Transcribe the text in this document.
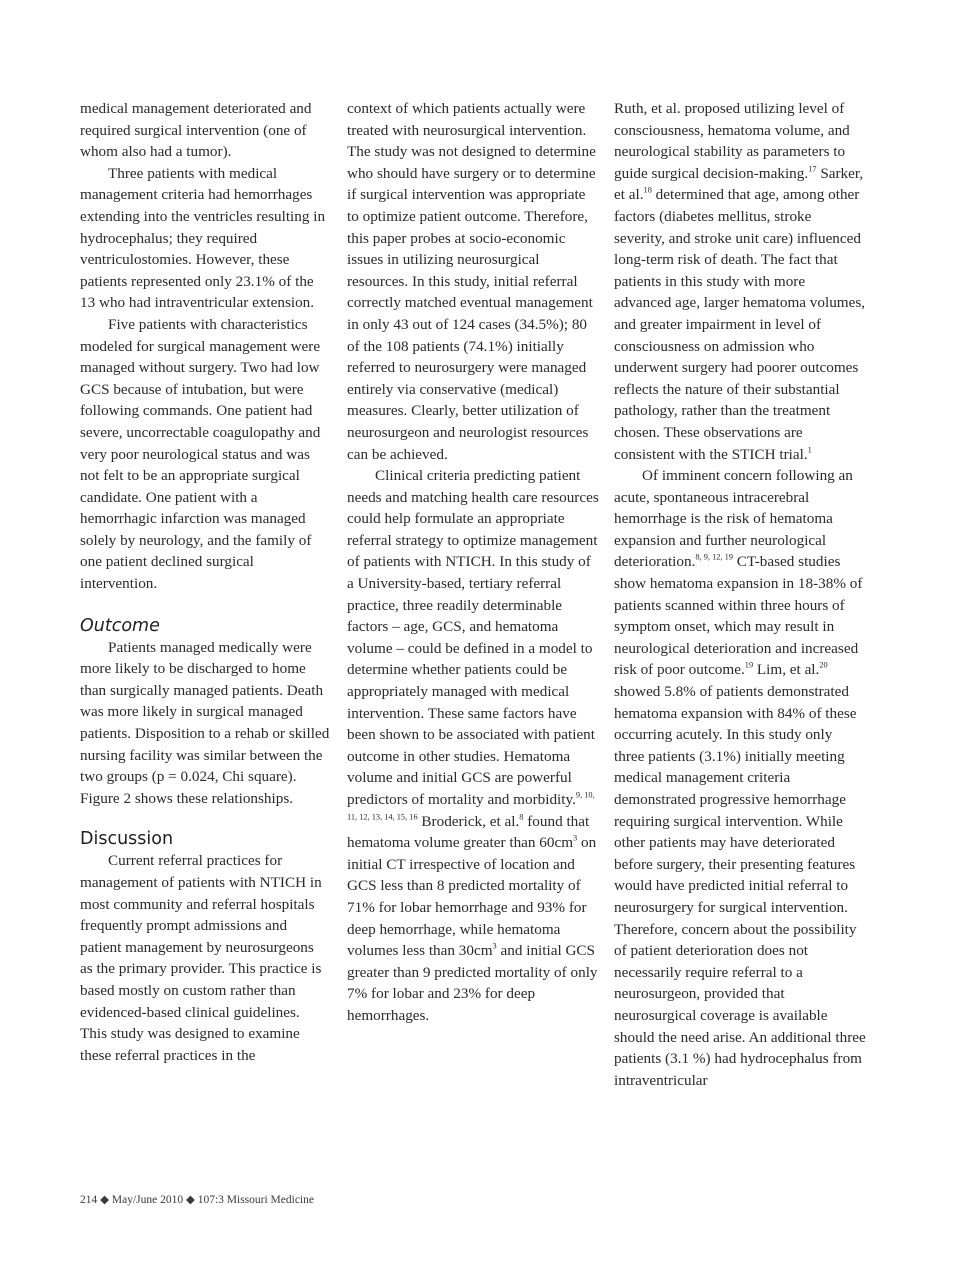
medical management deteriorated and required surgical intervention (one of whom also had a tumor).

Three patients with medical management criteria had hemorrhages extending into the ventricles resulting in hydrocephalus; they required ventriculostomies. However, these patients represented only 23.1% of the 13 who had intraventricular extension.

Five patients with characteristics modeled for surgical management were managed without surgery. Two had low GCS because of intubation, but were following commands. One patient had severe, uncorrectable coagulopathy and very poor neurological status and was not felt to be an appropriate surgical candidate. One patient with a hemorrhagic infarction was managed solely by neurology, and the family of one patient declined surgical intervention.

Outcome

Patients managed medically were more likely to be discharged to home than surgically managed patients. Death was more likely in surgical managed patients. Disposition to a rehab or skilled nursing facility was similar between the two groups (p = 0.024, Chi square). Figure 2 shows these relationships.

Discussion

Current referral practices for management of patients with NTICH in most community and referral hospitals frequently prompt admissions and patient management by neurosurgeons as the primary provider. This practice is based mostly on custom rather than evidenced-based clinical guidelines. This study was designed to examine these referral practices in the

context of which patients actually were treated with neurosurgical intervention. The study was not designed to determine who should have surgery or to determine if surgical intervention was appropriate to optimize patient outcome. Therefore, this paper probes at socio-economic issues in utilizing neurosurgical resources. In this study, initial referral correctly matched eventual management in only 43 out of 124 cases (34.5%); 80 of the 108 patients (74.1%) initially referred to neurosurgery were managed entirely via conservative (medical) measures. Clearly, better utilization of neurosurgeon and neurologist resources can be achieved.

Clinical criteria predicting patient needs and matching health care resources could help formulate an appropriate referral strategy to optimize management of patients with NTICH. In this study of a University-based, tertiary referral practice, three readily determinable factors – age, GCS, and hematoma volume – could be defined in a model to determine whether patients could be appropriately managed with medical intervention. These same factors have been shown to be associated with patient outcome in other studies. Hematoma volume and initial GCS are powerful predictors of mortality and morbidity.$^{9, 10, 11, 12, 13, 14, 15, 16}$ Broderick, et al.$^8$ found that hematoma volume greater than $60cm^3$ on initial CT irrespective of location and GCS less than 8 predicted mortality of 71% for lobar hemorrhage and 93% for deep hemorrhage, while hematoma volumes less than $30cm^3$ and initial GCS greater than 9 predicted mortality of only 7% for lobar and 23% for deep hemorrhages.

Ruth, et al. proposed utilizing level of consciousness, hematoma volume, and neurological stability as parameters to guide surgical decision-making.$^{17}$ Sarker, et al.$^{18}$ determined that age, among other factors (diabetes mellitus, stroke severity, and stroke unit care) influenced long-term risk of death. The fact that patients in this study with more advanced age, larger hematoma volumes, and greater impairment in level of consciousness on admission who underwent surgery had poorer outcomes reflects the nature of their substantial pathology, rather than the treatment chosen. These observations are consistent with the STICH trial.$^1$

Of imminent concern following an acute, spontaneous intracerebral hemorrhage is the risk of hematoma expansion and further neurological deterioration.$^{8, 9, 12, 19}$ CT-based studies show hematoma expansion in 18-38% of patients scanned within three hours of symptom onset, which may result in neurological deterioration and increased risk of poor outcome.$^{19}$ Lim, et al.$^{20}$ showed 5.8% of patients demonstrated hematoma expansion with 84% of these occurring acutely. In this study only three patients (3.1%) initially meeting medical management criteria demonstrated progressive hemorrhage requiring surgical intervention. While other patients may have deteriorated before surgery, their presenting features would have predicted initial referral to neurosurgery for surgical intervention. Therefore, concern about the possibility of patient deterioration does not necessarily require referral to a neurosurgeon, provided that neurosurgical coverage is available should the need arise. An additional three patients (3.1 %) had hydrocephalus from intraventricular

214 ◆ May/June 2010 ◆ 107:3 Missouri Medicine
